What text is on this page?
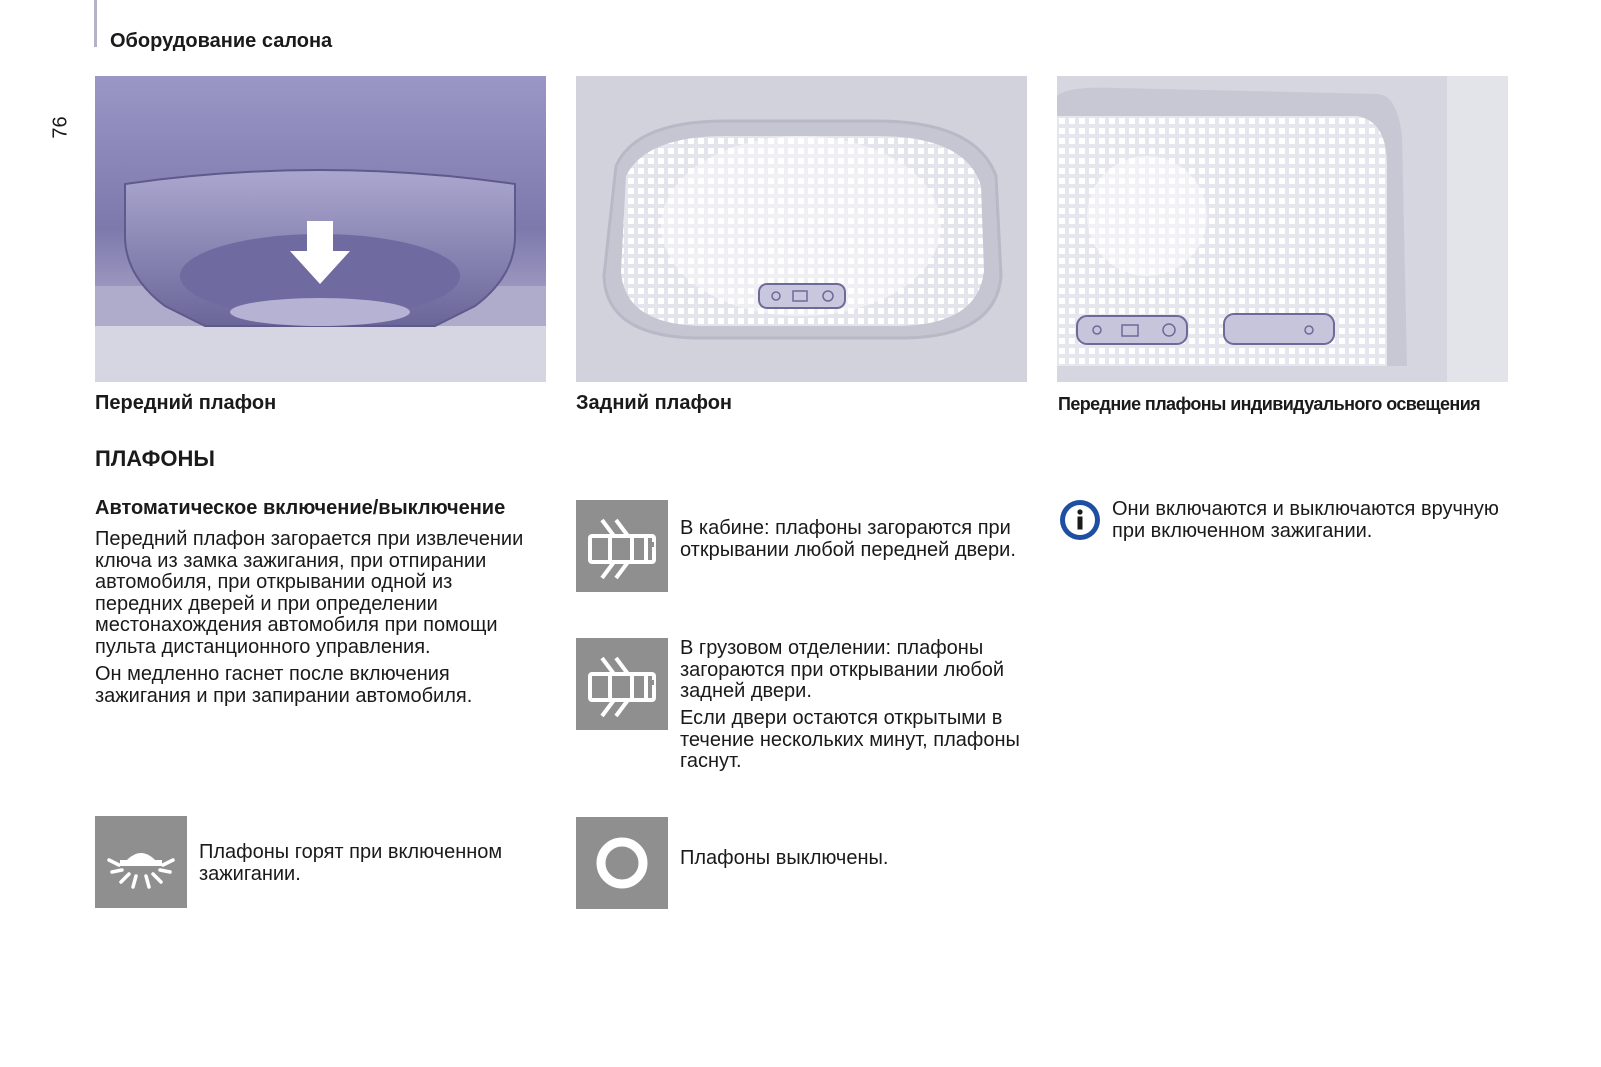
Оборудование салона
76
Передний плафон	Задний плафон	Передние плафоны индивидуального освещения
ПЛАФОНЫ
Автоматическое включение/выключение
Передний плафон загорается при извлечении ключа из замка зажигания, при отпирании автомобиля, при открывании одной из передних дверей и при определении местонахождения автомобиля при помощи пульта дистанционного управления.
Он медленно гаснет после включения зажигания и при запирании автомобиля.
Плафоны горят при включенном зажигании.
В кабине: плафоны загораются при открывании любой передней двери.
В грузовом отделении: плафоны загораются при открывании любой задней двери.
Если двери остаются открытыми в течение нескольких минут, плафоны гаснут.
Плафоны выключены.
Они включаются и выключаются вручную при включенном зажигании.
